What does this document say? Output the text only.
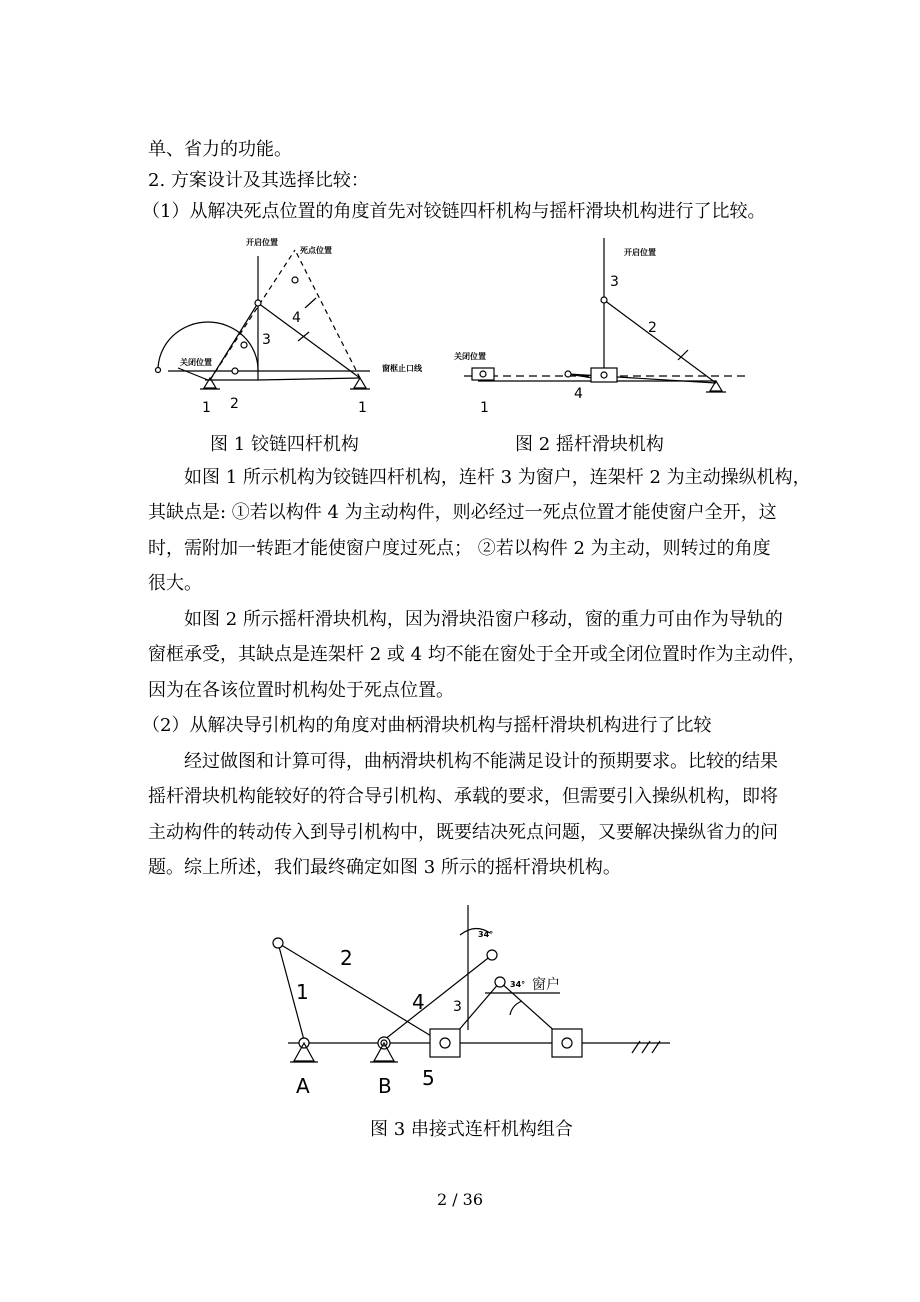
单、省力的功能。
2. 方案设计及其选择比较：
（1）从解决死点位置的角度首先对铰链四杆机构与摇杆滑块机构进行了比较。
开启位置
死点位置
关闭位置
窗框止口线
1 2
3
4
1
图 1 铰链四杆机构
开启位置
关闭位置
3
2
4
1
图 2 摇杆滑块机构
如图 1 所示机构为铰链四杆机构，连杆 3 为窗户，连架杆 2 为主动操纵机构，
其缺点是: ①若以构件 4 为主动构件，则必经过一死点位置才能使窗户全开，这
时，需附加一转距才能使窗户度过死点； ②若以构件 2 为主动，则转过的角度
很大。
如图 2 所示摇杆滑块机构，因为滑块沿窗户移动，窗的重力可由作为导轨的
窗框承受，其缺点是连架杆 2 或 4 均不能在窗处于全开或全闭位置时作为主动件，
因为在各该位置时机构处于死点位置。
（2）从解决导引机构的角度对曲柄滑块机构与摇杆滑块机构进行了比较
经过做图和计算可得，曲柄滑块机构不能满足设计的预期要求。比较的结果
摇杆滑块机构能较好的符合导引机构、承载的要求，但需要引入操纵机构，即将
主动构件的转动传入到导引机构中，既要结决死点问题，又要解决操纵省力的问
题。综上所述，我们最终确定如图 3 所示的摇杆滑块机构。
2
1	4 3
34°
34° 窗户
A	B 5
图 3 串接式连杆机构组合
2 / 36
